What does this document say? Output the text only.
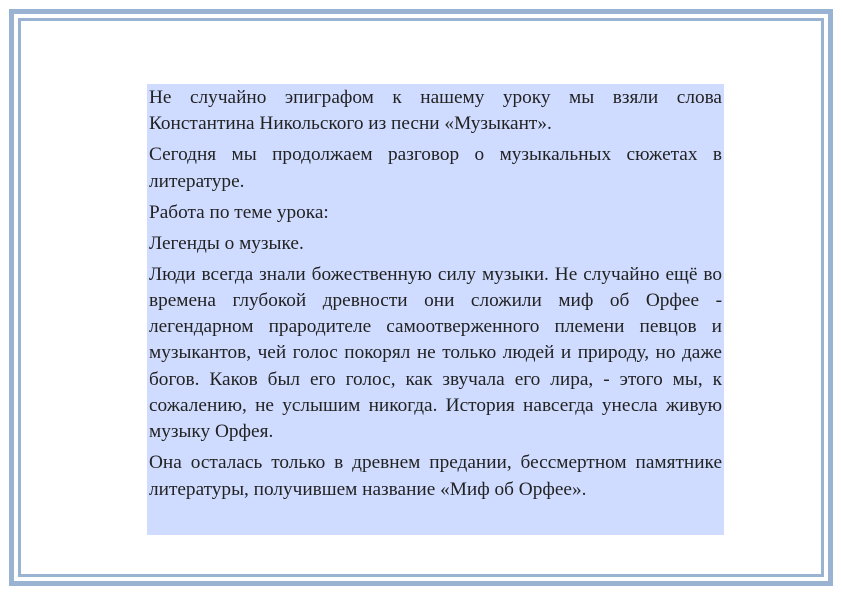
Не случайно эпиграфом к нашему уроку мы взяли слова Константина Никольского из песни «Музыкант».

Сегодня мы продолжаем разговор о музыкальных сюжетах в литературе.

Работа по теме урока:

Легенды о музыке.

Люди всегда знали божественную силу музыки. Не случайно ещё во времена глубокой древности они сложили миф об Орфее - легендарном прародителе самоотверженного племени певцов и музыкантов, чей голос покорял не только людей и природу, но даже богов. Каков был его голос, как звучала его лира, - этого мы, к сожалению, не услышим никогда. История навсегда унесла живую музыку Орфея.

Она осталась только в древнем предании, бессмертном памятнике литературы, получившем название «Миф об Орфее».
